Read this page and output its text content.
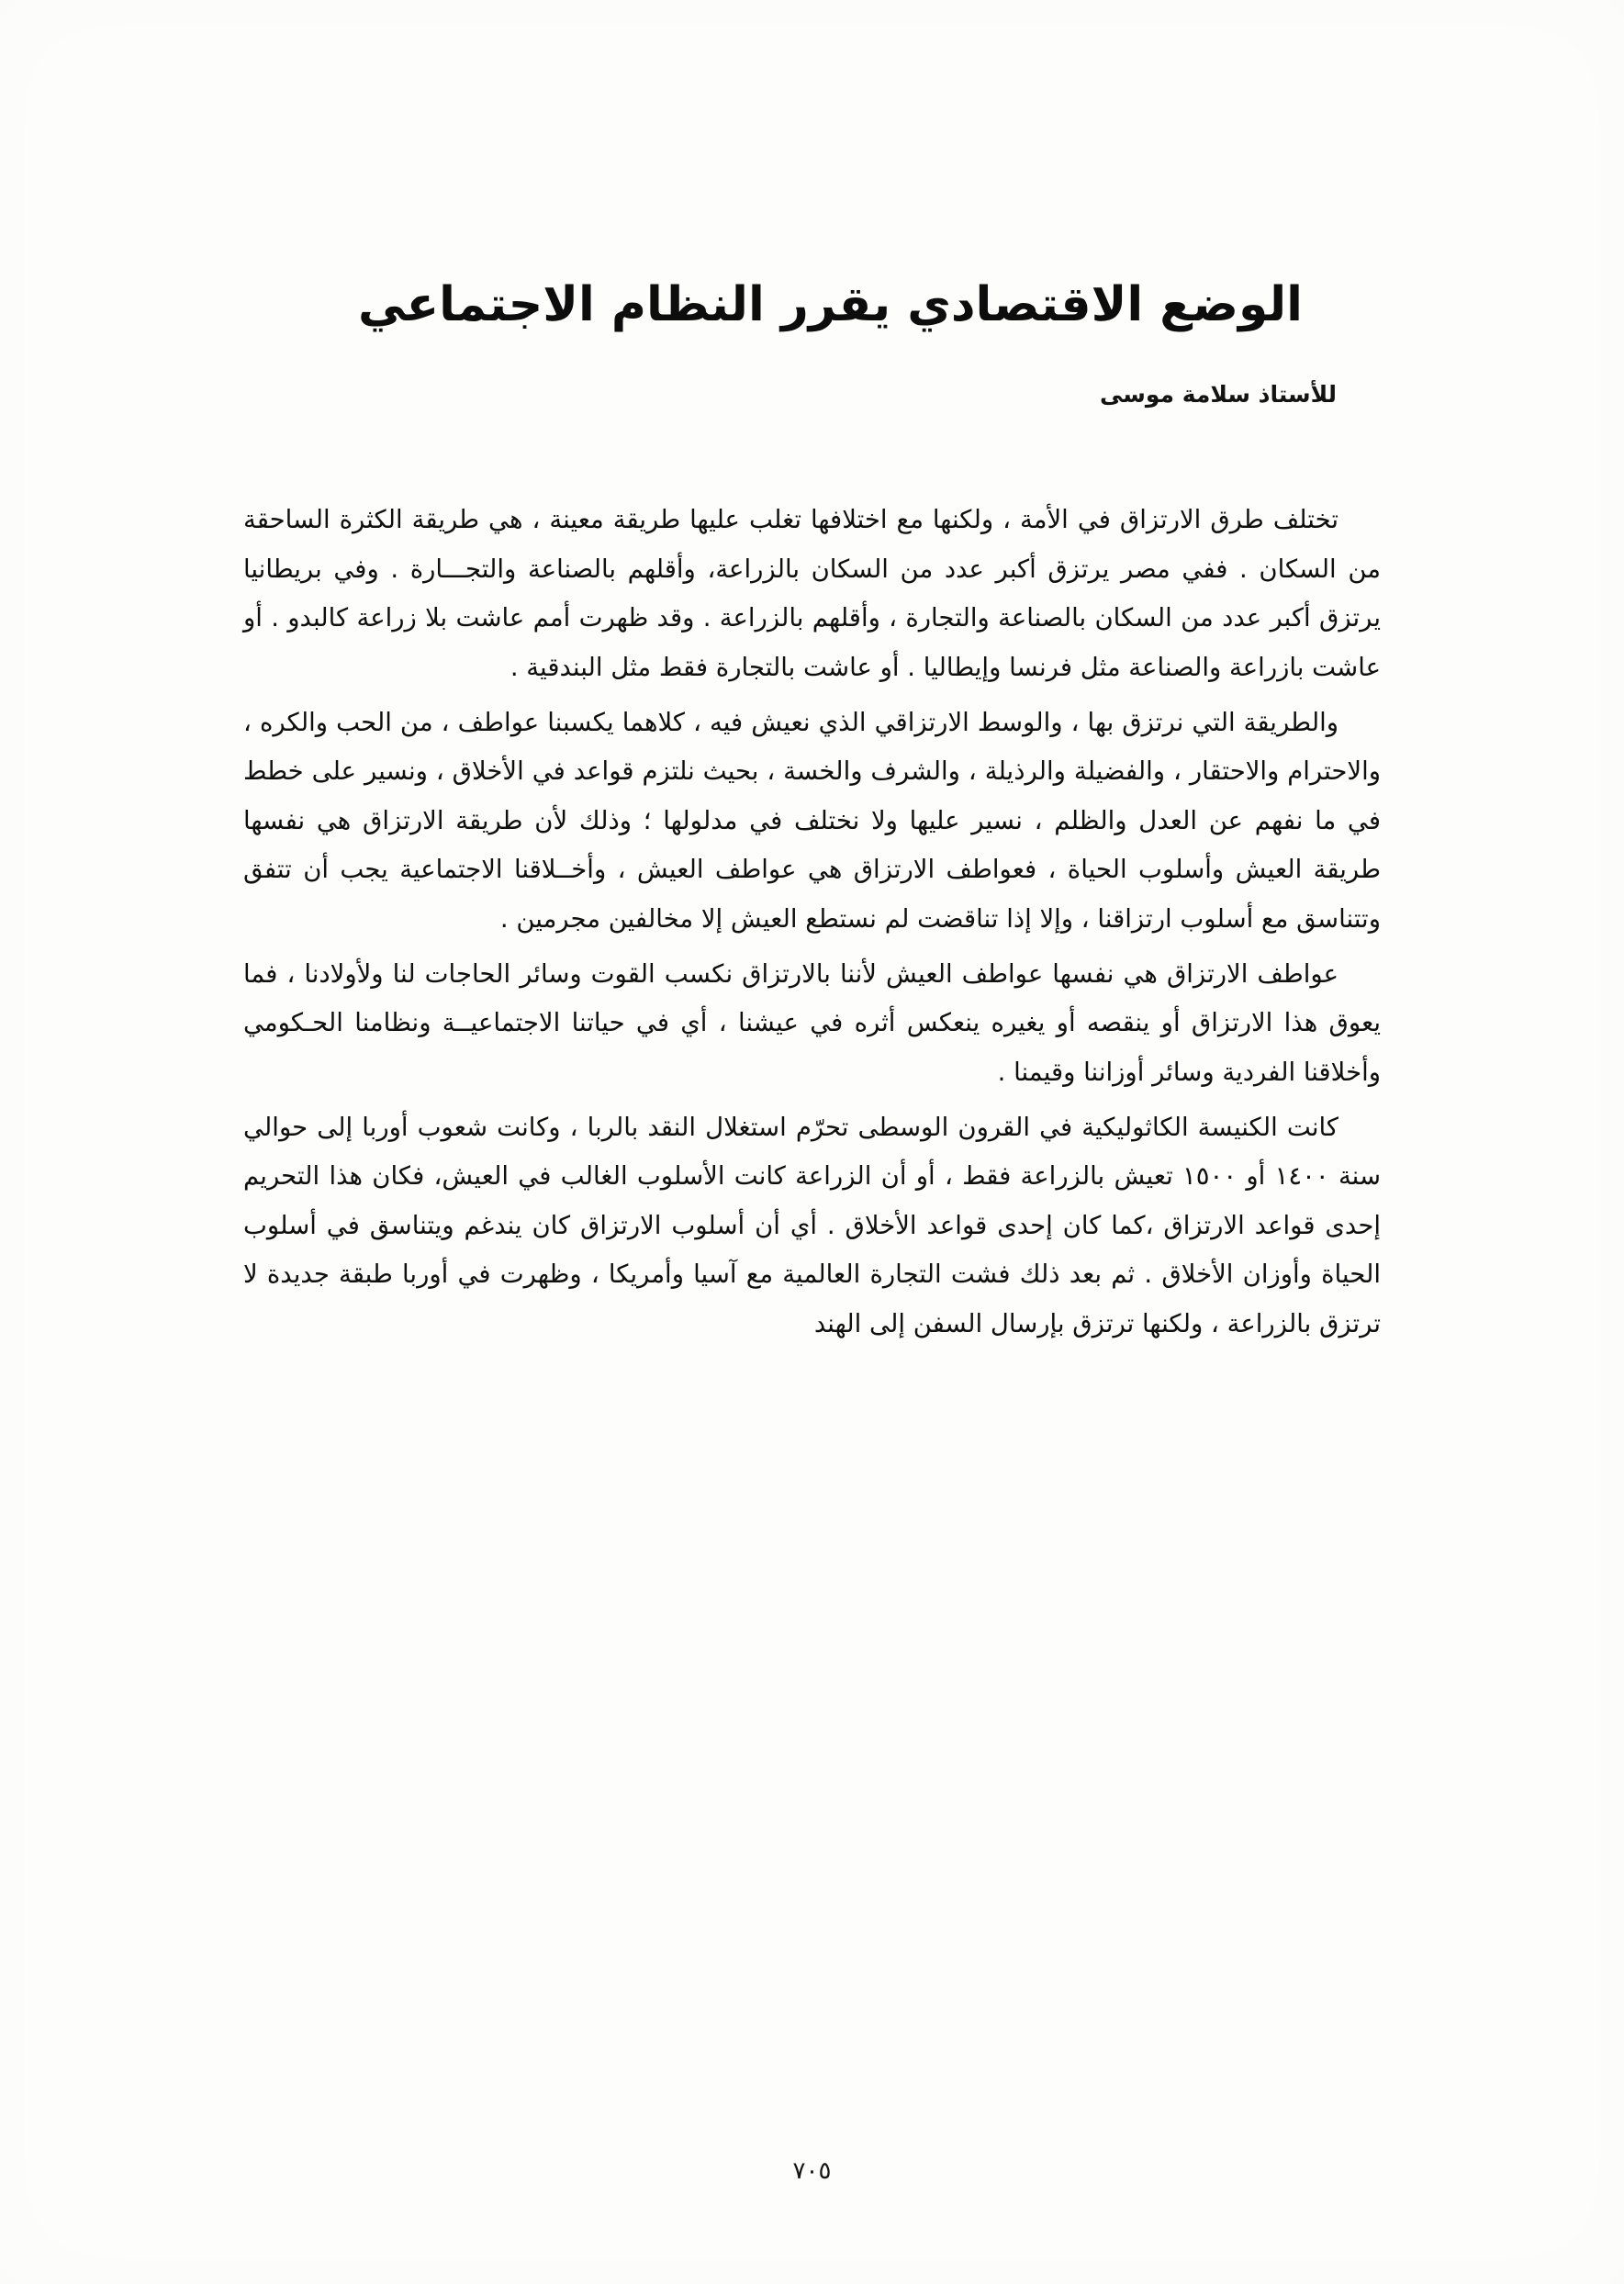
الوضع الاقتصادي يقرر النظام الاجتماعي
للأستاذ سلامة موسى

تختلف طرق الارتزاق في الأمة ، ولكنها مع اختلافها تغلب عليها طريقة معينة ، هي طريقة الكثرة الساحقة من السكان . ففي مصر يرتزق أكبر عدد من السكان بالزراعة، وأقلهم بالصناعة والتجـــارة . وفي بريطانيا يرتزق أكبر عدد من السكان بالصناعة والتجارة ، وأقلهم بالزراعة . وقد ظهرت أمم عاشت بلا زراعة كالبدو . أو عاشت بازراعة والصناعة مثل فرنسا وإيطاليا . أو عاشت بالتجارة فقط مثل البندقية .

والطريقة التي نرتزق بها ، والوسط الارتزاقي الذي نعيش فيه ، كلاهما يكسبنا عواطف ، من الحب والكره ، والاحترام والاحتقار ، والفضيلة والرذيلة ، والشرف والخسة ، بحيث نلتزم قواعد في الأخلاق ، ونسير على خطط في ما نفهم عن العدل والظلم ، نسير عليها ولا نختلف في مدلولها ؛ وذلك لأن طريقة الارتزاق هي نفسها طريقة العيش وأسلوب الحياة ، فعواطف الارتزاق هي عواطف العيش ، وأخــلاقنا الاجتماعية يجب أن تتفق وتتناسق مع أسلوب ارتزاقنا ، وإلا إذا تناقضت لم نستطع العيش إلا مخالفين مجرمين .

عواطف الارتزاق هي نفسها عواطف العيش لأننا بالارتزاق نكسب القوت وسائر الحاجات لنا ولأولادنا ، فما يعوق هذا الارتزاق أو ينقصه أو يغيره ينعكس أثره في عيشنا ، أي في حياتنا الاجتماعيــة ونظامنا الحـكومي وأخلاقنا الفردية وسائر أوزاننا وقيمنا .

كانت الكنيسة الكاثوليكية في القرون الوسطى تحرّم استغلال النقد بالربا ، وكانت شعوب أوربا إلى حوالي سنة ١٤٠٠ أو ١٥٠٠ تعيش بالزراعة فقط ، أو أن الزراعة كانت الأسلوب الغالب في العيش، فكان هذا التحريم إحدى قواعد الارتزاق ،كما كان إحدى قواعد الأخلاق . أي أن أسلوب الارتزاق كان يندغم ويتناسق في أسلوب الحياة وأوزان الأخلاق . ثم بعد ذلك فشت التجارة العالمية مع آسيا وأمريكا ، وظهرت في أوربا طبقة جديدة لا ترتزق بالزراعة ، ولكنها ترتزق بإرسال السفن إلى الهند

٧٠٥
